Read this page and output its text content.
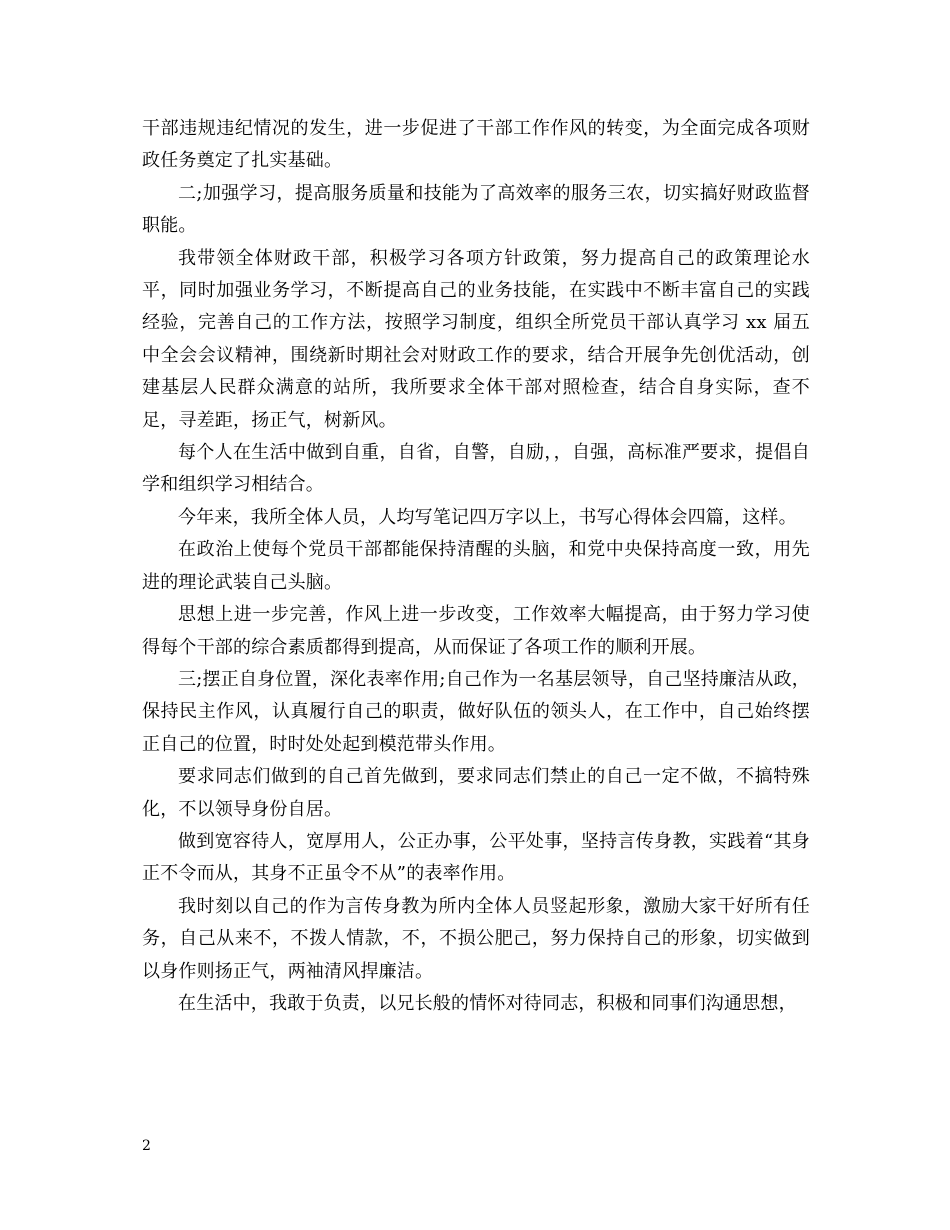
干部违规违纪情况的发生，进一步促进了干部工作作风的转变，为全面完成各项财政任务奠定了扎实基础。

二;加强学习，提高服务质量和技能为了高效率的服务三农，切实搞好财政监督职能。

我带领全体财政干部，积极学习各项方针政策，努力提高自己的政策理论水平，同时加强业务学习，不断提高自己的业务技能，在实践中不断丰富自己的实践经验，完善自己的工作方法，按照学习制度，组织全所党员干部认真学习 xx 届五中全会会议精神，围绕新时期社会对财政工作的要求，结合开展争先创优活动，创建基层人民群众满意的站所，我所要求全体干部对照检查，结合自身实际，查不足，寻差距，扬正气，树新风。

每个人在生活中做到自重，自省，自警，自励，，自强，高标准严要求，提倡自学和组织学习相结合。

今年来，我所全体人员，人均写笔记四万字以上，书写心得体会四篇，这样。

在政治上使每个党员干部都能保持清醒的头脑，和党中央保持高度一致，用先进的理论武装自己头脑。

思想上进一步完善，作风上进一步改变，工作效率大幅提高，由于努力学习使得每个干部的综合素质都得到提高，从而保证了各项工作的顺利开展。

三;摆正自身位置，深化表率作用;自己作为一名基层领导，自己坚持廉洁从政，保持民主作风，认真履行自己的职责，做好队伍的领头人，在工作中，自己始终摆正自己的位置，时时处处起到模范带头作用。

要求同志们做到的自己首先做到，要求同志们禁止的自己一定不做，不搞特殊化，不以领导身份自居。

做到宽容待人，宽厚用人，公正办事，公平处事，坚持言传身教，实践着“其身正不令而从，其身不正虽令不从”的表率作用。

我时刻以自己的作为言传身教为所内全体人员竖起形象，激励大家干好所有任务，自己从来不，不拨人情款，不，不损公肥己，努力保持自己的形象，切实做到以身作则扬正气，两袖清风捍廉洁。

在生活中，我敢于负责，以兄长般的情怀对待同志，积极和同事们沟通思想，

2
